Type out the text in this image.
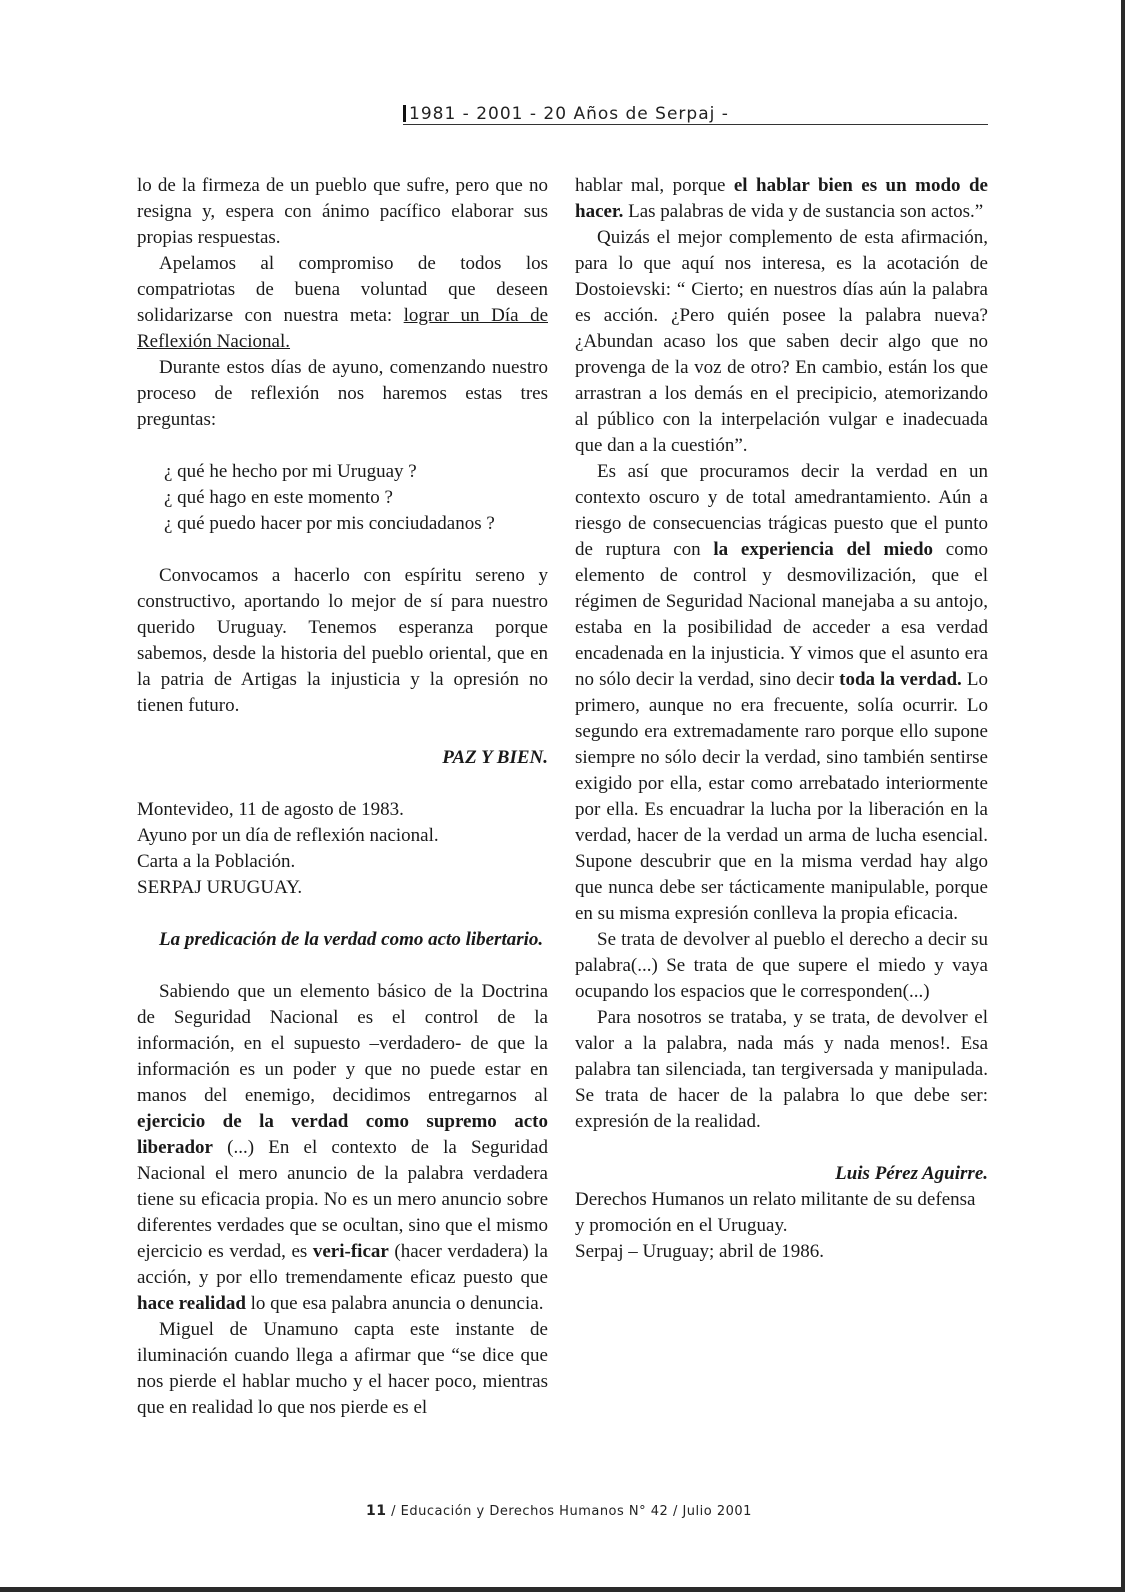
1981 - 2001 - 20 Años de Serpaj -

lo de la firmeza de un pueblo que sufre, pero que no resigna y, espera con ánimo pacífico elaborar sus propias respuestas.

Apelamos al compromiso de todos los compatriotas de buena voluntad que deseen solidarizarse con nuestra meta: lograr un Día de Reflexión Nacional.

Durante estos días de ayuno, comenzando nuestro proceso de reflexión nos haremos estas tres preguntas:

¿ qué he hecho por mi Uruguay ?

¿ qué hago en este momento ?

¿ qué puedo hacer por mis conciudadanos ?

Convocamos a hacerlo con espíritu sereno y constructivo, aportando lo mejor de sí para nuestro querido Uruguay. Tenemos esperanza porque sabemos, desde la historia del pueblo oriental, que en la patria de Artigas la injusticia y la opresión no tienen futuro.

PAZ Y BIEN.

Montevideo, 11 de agosto de 1983.

Ayuno por un día de reflexión nacional.

Carta a la Población.

SERPAJ URUGUAY.

La predicación de la verdad como acto libertario.

Sabiendo que un elemento básico de la Doctrina de Seguridad Nacional es el control de la información, en el supuesto –verdadero- de que la información es un poder y que no puede estar en manos del enemigo, decidimos entregarnos al ejercicio de la verdad como supremo acto liberador (...) En el contexto de la Seguridad Nacional el mero anuncio de la palabra verdadera tiene su eficacia propia. No es un mero anuncio sobre diferentes verdades que se ocultan, sino que el mismo ejercicio es verdad, es veri-ficar (hacer verdadera) la acción, y por ello tremendamente eficaz puesto que hace realidad lo que esa palabra anuncia o denuncia.

Miguel de Unamuno capta este instante de iluminación cuando llega a afirmar que “se dice que nos pierde el hablar mucho y el hacer poco, mientras que en realidad lo que nos pierde es el

hablar mal, porque el hablar bien es un modo de hacer. Las palabras de vida y de sustancia son actos.”

Quizás el mejor complemento de esta afirmación, para lo que aquí nos interesa, es la acotación de Dostoievski: “ Cierto; en nuestros días aún la palabra es acción. ¿Pero quién posee la palabra nueva? ¿Abundan acaso los que saben decir algo que no provenga de la voz de otro? En cambio, están los que arrastran a los demás en el precipicio, atemorizando al público con la interpelación vulgar e inadecuada que dan a la cuestión”.

Es así que procuramos decir la verdad en un contexto oscuro y de total amedrantamiento. Aún a riesgo de consecuencias trágicas puesto que el punto de ruptura con la experiencia del miedo como elemento de control y desmovilización, que el régimen de Seguridad Nacional manejaba a su antojo, estaba en la posibilidad de acceder a esa verdad encadenada en la injusticia. Y vimos que el asunto era no sólo decir la verdad, sino decir toda la verdad. Lo primero, aunque no era frecuente, solía ocurrir. Lo segundo era extremadamente raro porque ello supone siempre no sólo decir la verdad, sino también sentirse exigido por ella, estar como arrebatado interiormente por ella. Es encuadrar la lucha por la liberación en la verdad, hacer de la verdad un arma de lucha esencial. Supone descubrir que en la misma verdad hay algo que nunca debe ser tácticamente manipulable, porque en su misma expresión conlleva la propia eficacia.

Se trata de devolver al pueblo el derecho a decir su palabra(...) Se trata de que supere el miedo y vaya ocupando los espacios que le corresponden(...)

Para nosotros se trataba, y se trata, de devolver el valor a la palabra, nada más y nada menos!. Esa palabra tan silenciada, tan tergiversada y manipulada. Se trata de hacer de la palabra lo que debe ser: expresión de la realidad.

Luis Pérez Aguirre.

Derechos Humanos un relato militante de su defensa y promoción en el Uruguay.

Serpaj – Uruguay; abril de 1986.

11 / Educación y Derechos Humanos N° 42 / Julio 2001
